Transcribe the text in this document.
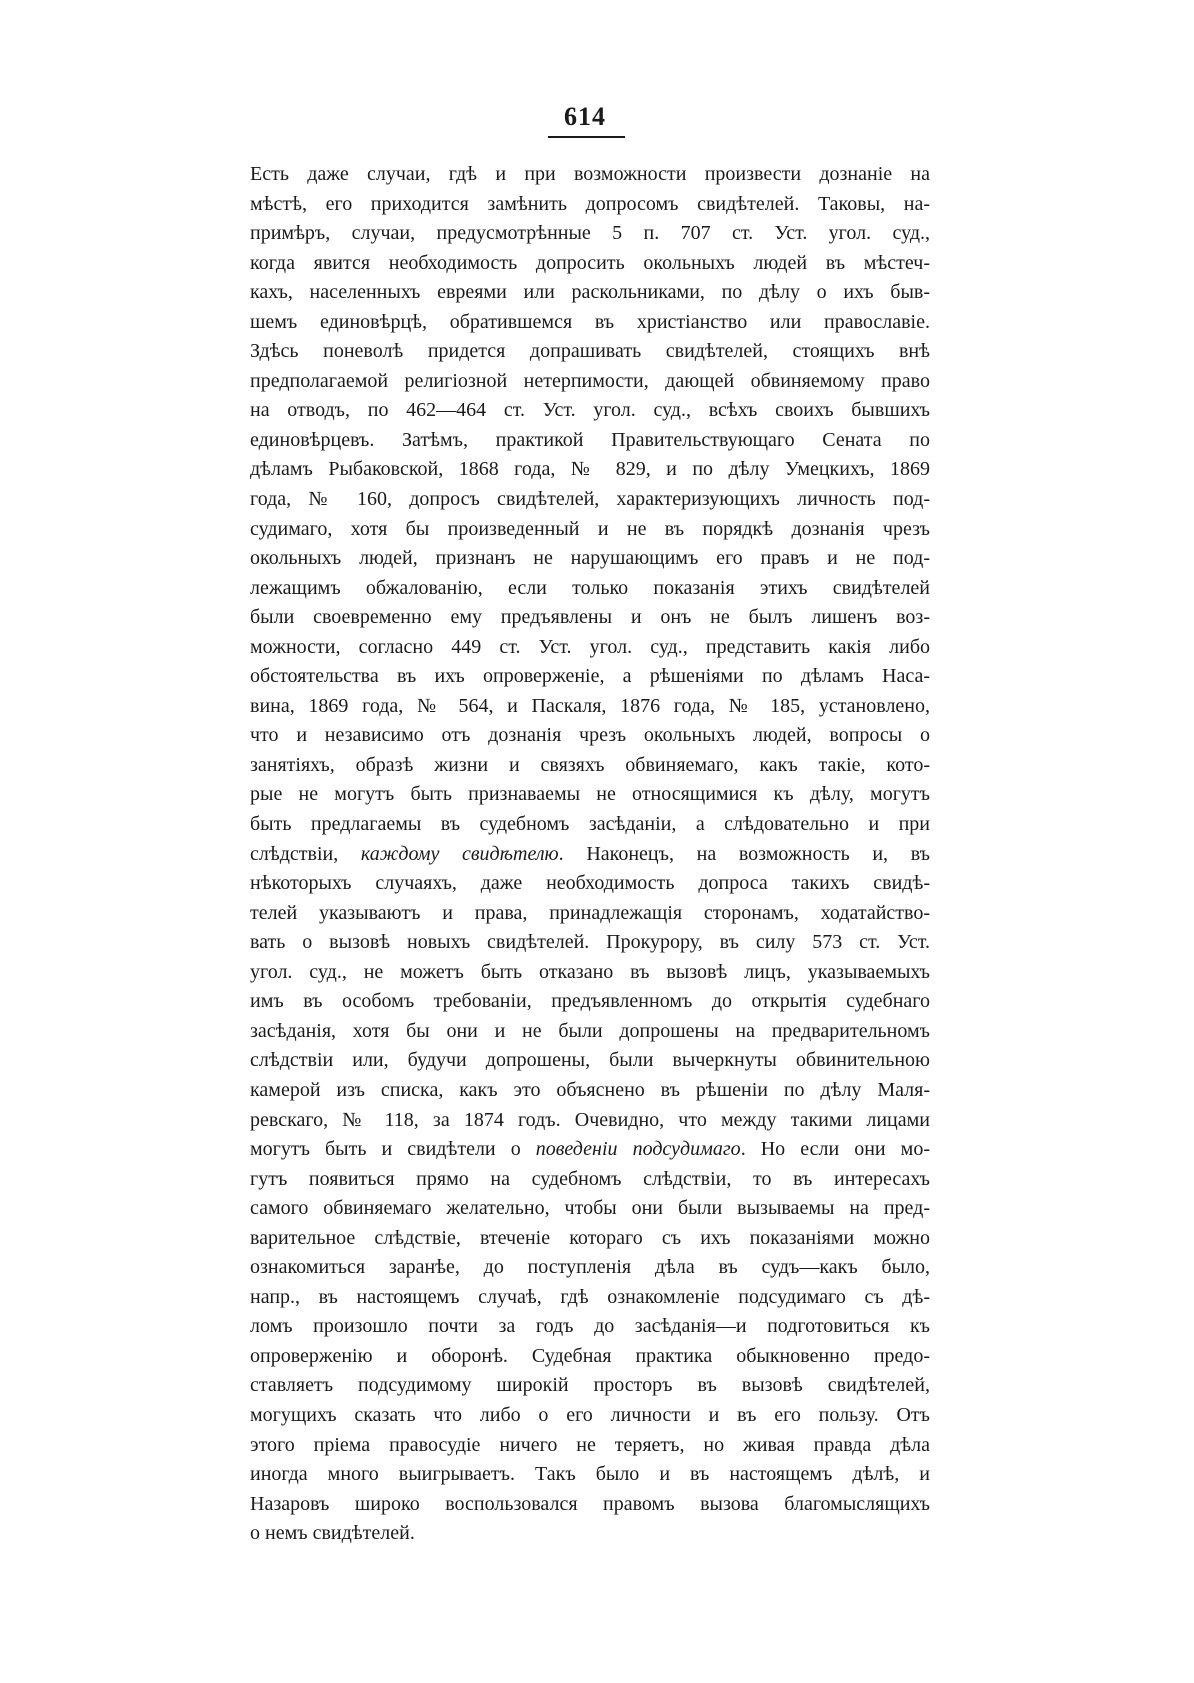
614
Есть даже случаи, гдѣ и при возможности произвести дознаніе на
мѣстѣ, его приходится замѣнить допросомъ свидѣтелей. Таковы, на-
примѣръ, случаи, предусмотрѣнные 5 п. 707 ст. Уст. угол. суд.,
когда явится необходимость допросить окольныхъ людей въ мѣстеч-
кахъ, населенныхъ евреями или раскольниками, по дѣлу о ихъ быв-
шемъ единовѣрцѣ, обратившемся въ христіанство или православіе.
Здѣсь поневолѣ придется допрашивать свидѣтелей, стоящихъ внѣ
предполагаемой религіозной нетерпимости, дающей обвиняемому право
на отводъ, по 462—464 ст. Уст. угол. суд., всѣхъ своихъ бывшихъ
единовѣрцевъ. Затѣмъ, практикой Правительствующаго Сената по
дѣламъ Рыбаковской, 1868 года, № 829, и по дѣлу Умецкихъ, 1869
года, № 160, допросъ свидѣтелей, характеризующихъ личность под-
судимаго, хотя бы произведенный и не въ порядкѣ дознанія чрезъ
окольныхъ людей, признанъ не нарушающимъ его правъ и не под-
лежащимъ обжалованію, если только показанія этихъ свидѣтелей
были своевременно ему предъявлены и онъ не былъ лишенъ воз-
можности, согласно 449 ст. Уст. угол. суд., представить какія либо
обстоятельства въ ихъ опроверженіе, а рѣшеніями по дѣламъ Наса-
вина, 1869 года, № 564, и Паскаля, 1876 года, № 185, установлено,
что и независимо отъ дознанія чрезъ окольныхъ людей, вопросы о
занятіяхъ, образѣ жизни и связяхъ обвиняемаго, какъ такіе, кото-
рые не могутъ быть признаваемы не относящимися къ дѣлу, могутъ
быть предлагаемы въ судебномъ засѣданіи, а слѣдовательно и при
слѣдствіи, каждому свидѣтелю. Наконецъ, на возможность и, въ
нѣкоторыхъ случаяхъ, даже необходимость допроса такихъ свидѣ-
телей указываютъ и права, принадлежащія сторонамъ, ходатайство-
вать о вызовѣ новыхъ свидѣтелей. Прокурору, въ силу 573 ст. Уст.
угол. суд., не можетъ быть отказано въ вызовѣ лицъ, указываемыхъ
имъ въ особомъ требованіи, предъявленномъ до открытія судебнаго
засѣданія, хотя бы они и не были допрошены на предварительномъ
слѣдствіи или, будучи допрошены, были вычеркнуты обвинительною
камерой изъ списка, какъ это объяснено въ рѣшеніи по дѣлу Маля-
ревскаго, № 118, за 1874 годъ. Очевидно, что между такими лицами
могутъ быть и свидѣтели о поведеніи подсудимаго. Но если они мо-
гутъ появиться прямо на судебномъ слѣдствіи, то въ интересахъ
самого обвиняемаго желательно, чтобы они были вызываемы на пред-
варительное слѣдствіе, втеченіе котораго съ ихъ показаніями можно
ознакомиться заранѣе, до поступленія дѣла въ судъ—какъ было,
напр., въ настоящемъ случаѣ, гдѣ ознакомленіе подсудимаго съ дѣ-
ломъ произошло почти за годъ до засѣданія—и подготовиться къ
опроверженію и оборонѣ. Судебная практика обыкновенно предо-
ставляетъ подсудимому широкій просторъ въ вызовѣ свидѣтелей,
могущихъ сказать что либо о его личности и въ его пользу. Отъ
этого пріема правосудіе ничего не теряетъ, но живая правда дѣла
иногда много выигрываетъ. Такъ было и въ настоящемъ дѣлѣ, и
Назаровъ широко воспользовался правомъ вызова благомыслящихъ
о немъ свидѣтелей.
